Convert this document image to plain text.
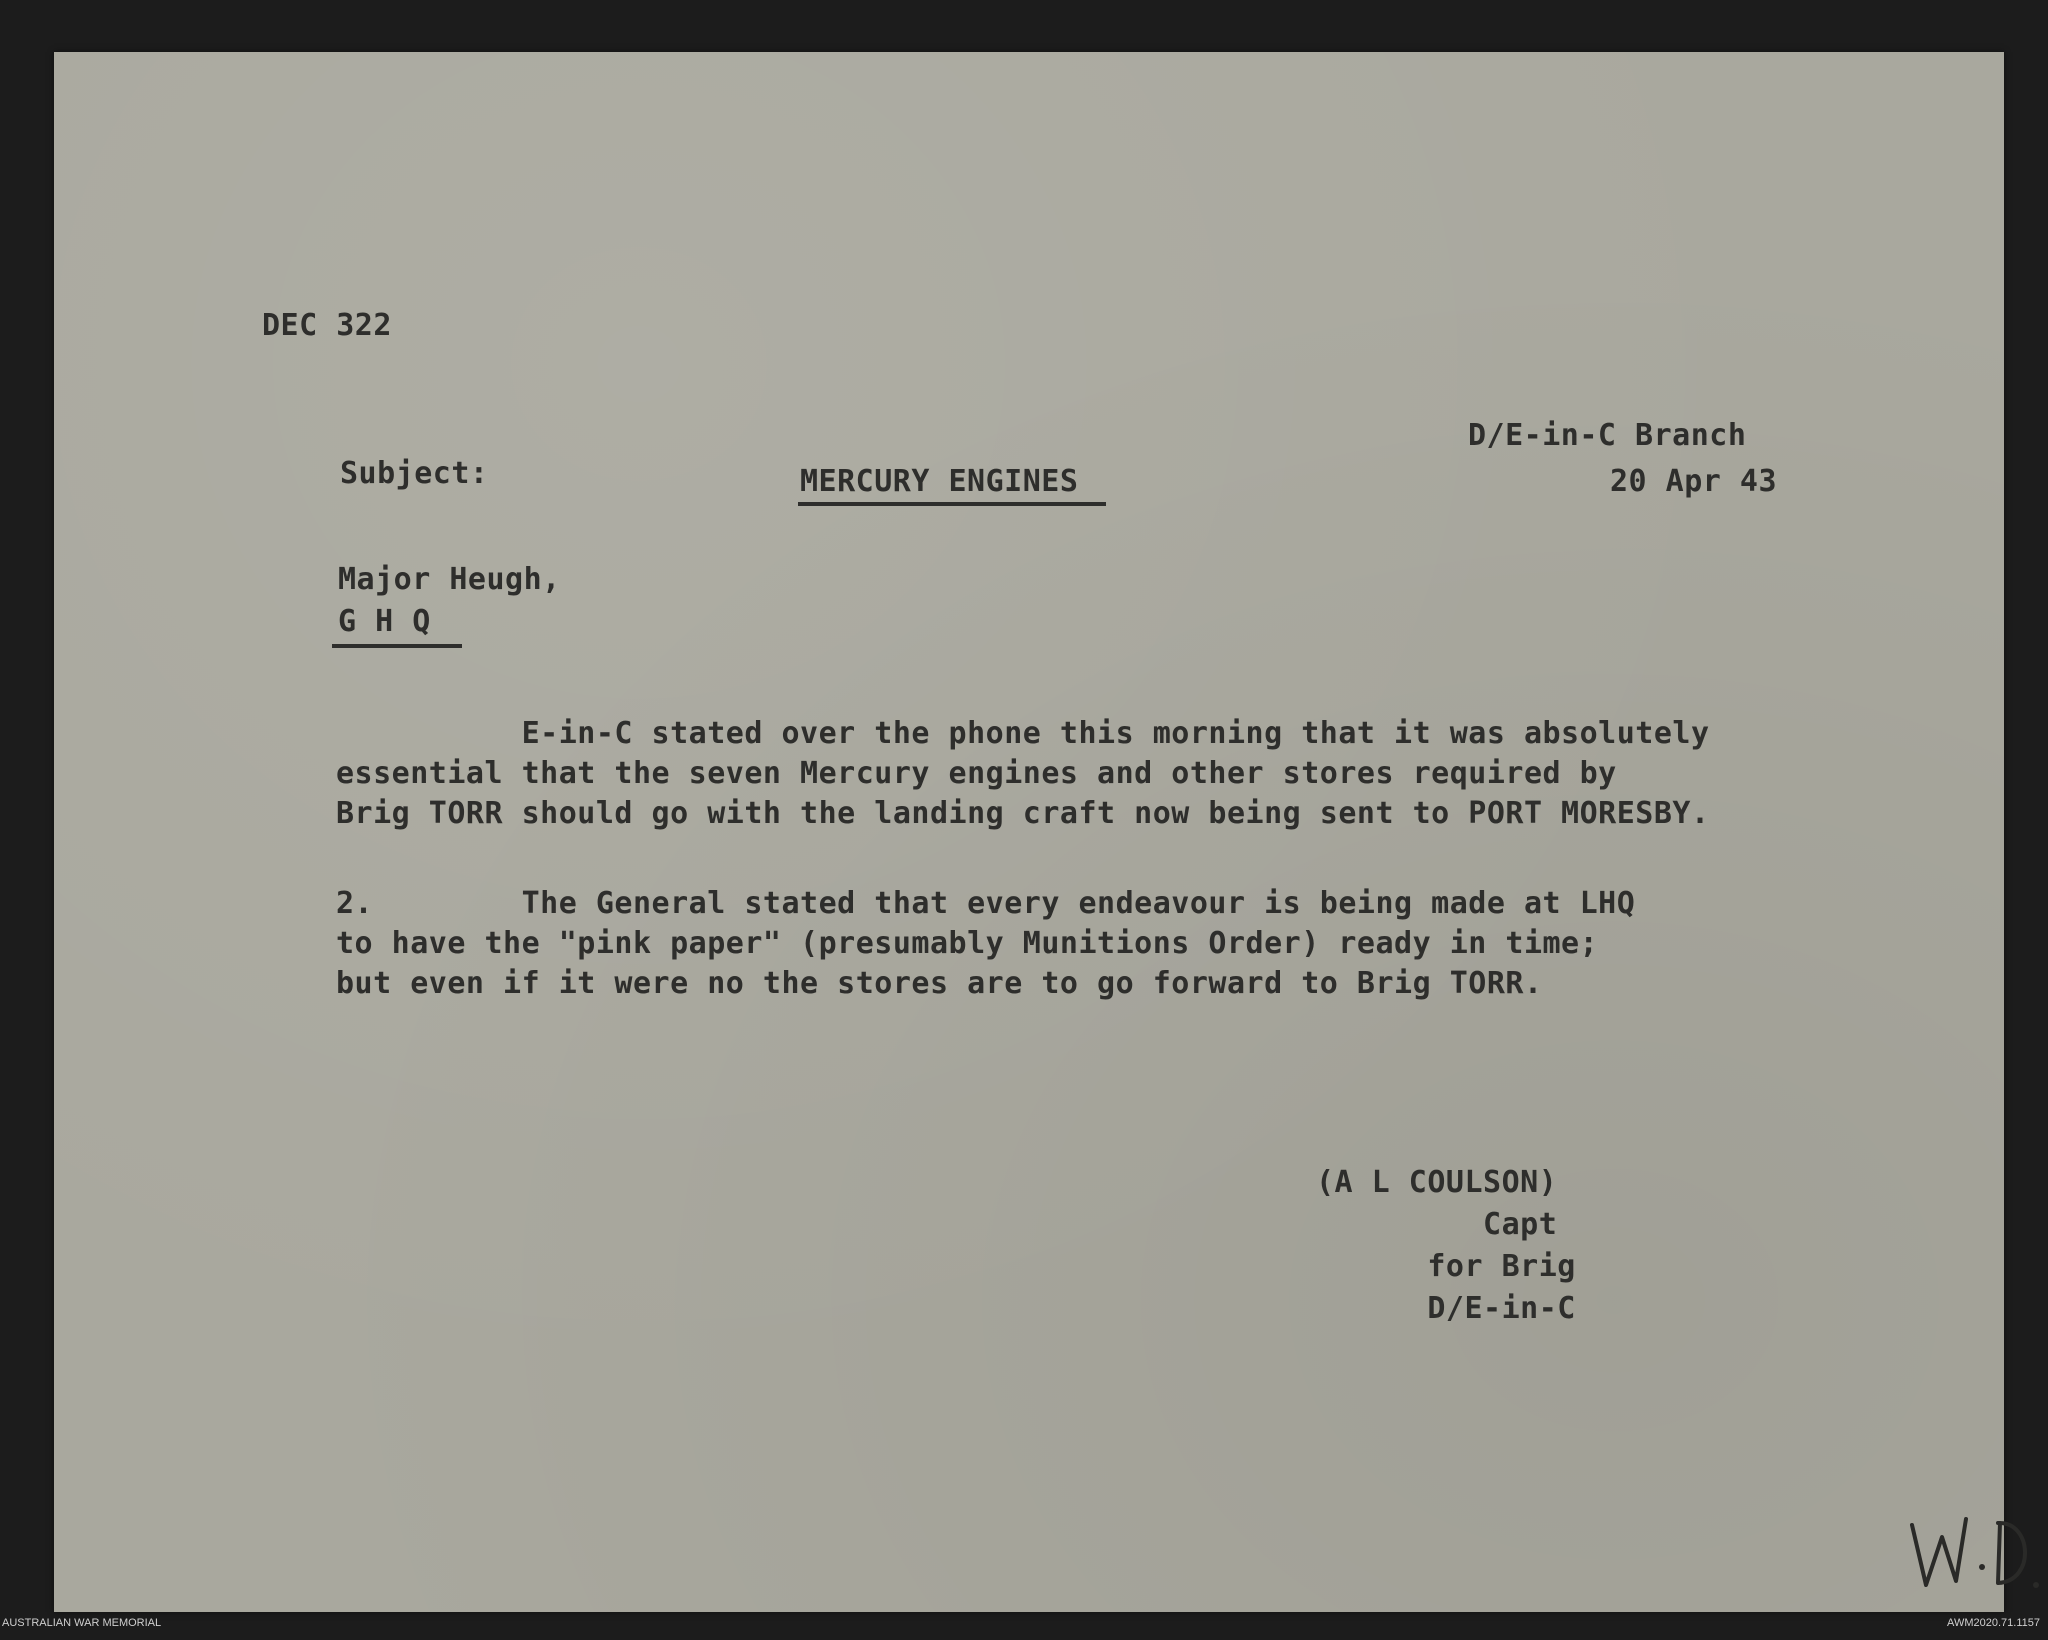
DEC 322
D/E-in-C Branch
20 Apr 43
Subject:	MERCURY ENGINES
Major Heugh,
G H Q
E-in-C stated over the phone this morning that it was absolutely
essential that the seven Mercury engines and other stores required by
Brig TORR should go with the landing craft now being sent to PORT MORESBY.
2.        The General stated that every endeavour is being made at LHQ
to have the "pink paper" (presumably Munitions Order) ready in time;
but even if it were no the stores are to go forward to Brig TORR.
(A L COULSON)
Capt
for Brig
D/E-in-C
AUSTRALIAN WAR MEMORIAL	AWM2020.71.1157
